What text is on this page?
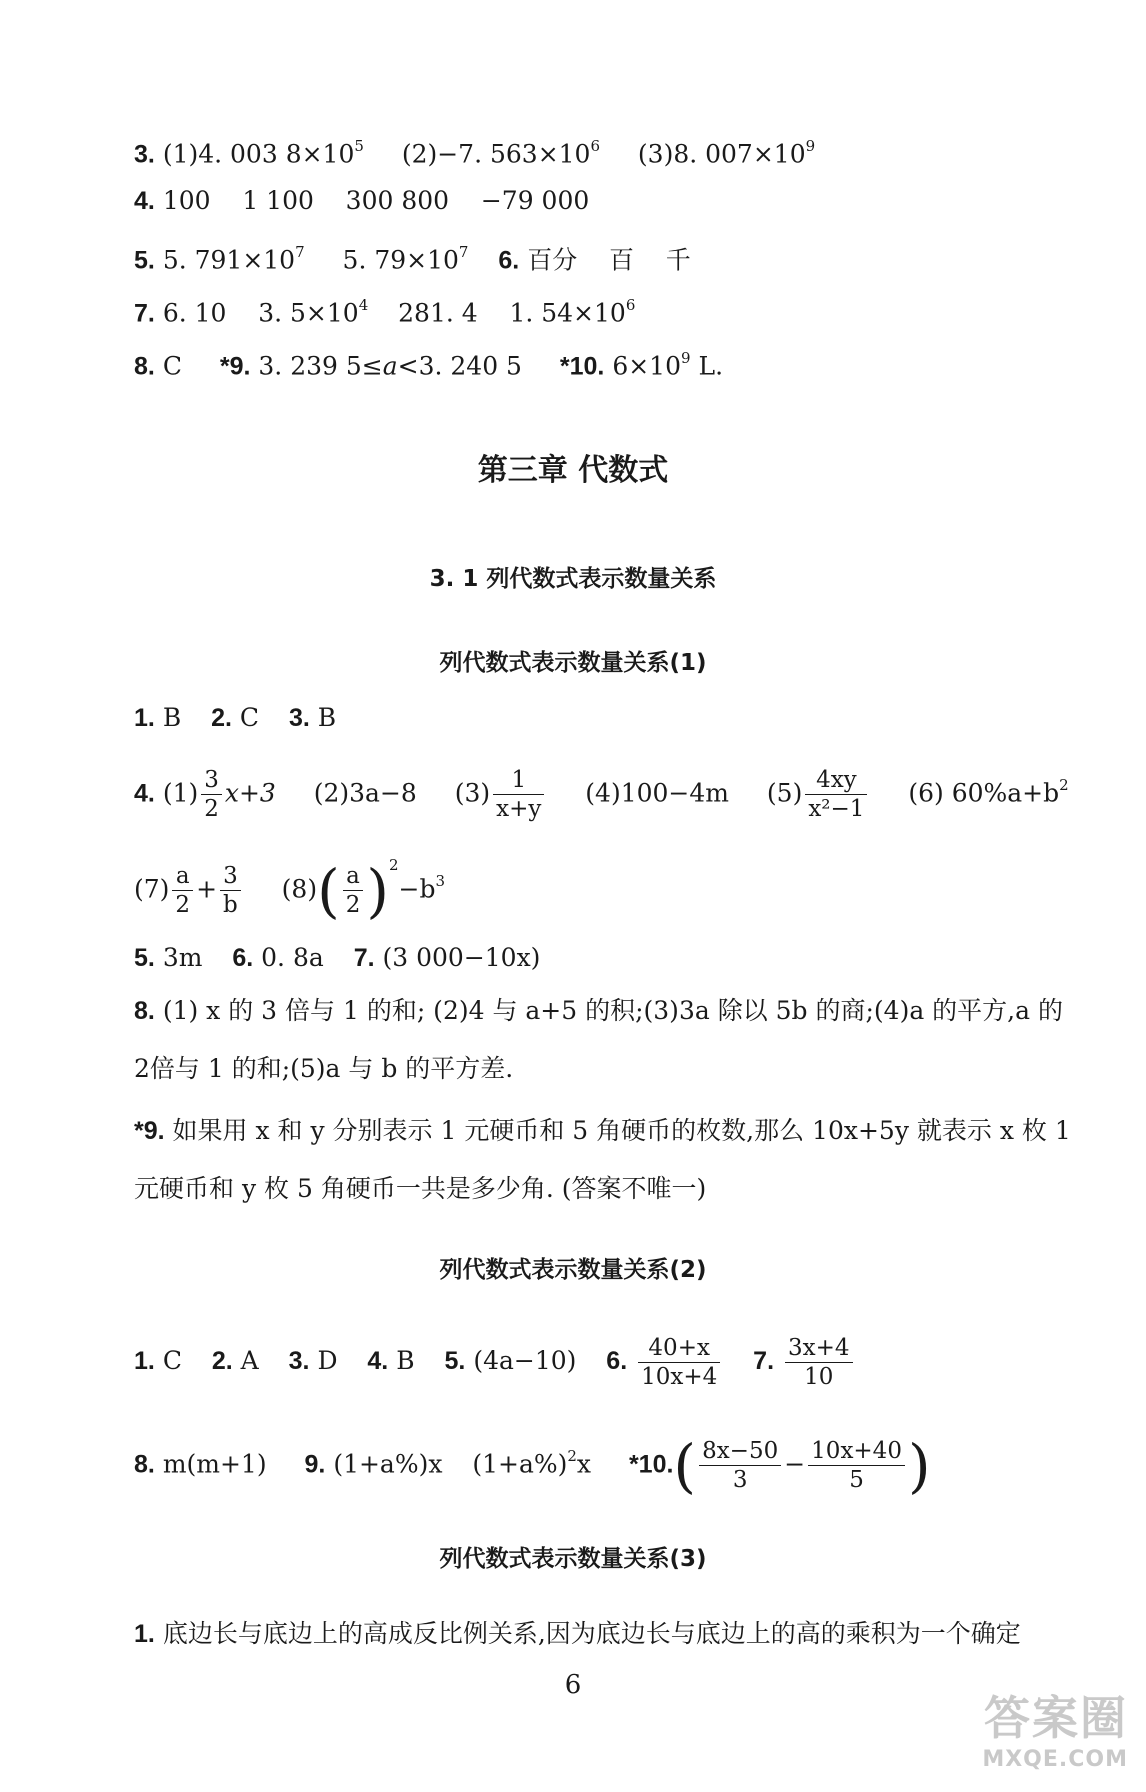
3. (1)4. 003 $8\times 10^5$ (2)−7. $563\times 10^6$ (3)8. $007\times 10^9$
4. 100    1 100    300 800    −79 000
5. 5. $791\times 10^7$ 5. $79\times 10^7$ 6. 百分    百    千
7. 6. 10    3. $5\times 10^4$ 281. 4    1. $54\times 10^6$
8. C *9. 3. 239 5≤a<3. 240 5 *10. $6\times 10^9$ L.
第三章 代数式
3. 1 列代数式表示数量关系
列代数式表示数量关系(1)
1. B 2. C 3. B
4. $(1) \frac{3}{2} x+3$ (2)3a−8 $(3) \frac{1}{x+y} (4)100-4m$ $(5) \frac{4xy}{\text{x²−1}} (6)$ $60\%a+b^2$
$(7) \frac{a}{2} + \frac{3}{b} (8)( \frac{a}{2} )^2-b^3$
5. 3m 6. 0. 8a 7. (3 000−10x)
8. (1) x 的 3 倍与 1 的和; (2)4 与 a+5 的积;(3)3a 除以 5b 的商;(4)a 的平方,a 的 2倍与 1 的和;(5)a 与 b 的平方差.
*9. 如果用 x 和 y 分别表示 1 元硬币和 5 角硬币的枚数,那么 10x+5y 就表示 x 枚 1元硬币和 y 枚 5 角硬币一共是多少角. (答案不唯一)
列代数式表示数量关系(2)
1. C 2. A 3. D 4. B 5. (4a−10) 6. $\frac{40+x}{10x+4} 7$. $\frac{3x+4}{10}$
8. m(m+1) 9. (1+a%)x $(1+a\%)^2x$ $*10.( \frac{8x-50}{3} - \frac{10x+40}{5}$ )
列代数式表示数量关系(3)
1. 底边长与底边上的高成反比例关系,因为底边长与底边上的高的乘积为一个确定
6
答案圈
MXQE.COM
